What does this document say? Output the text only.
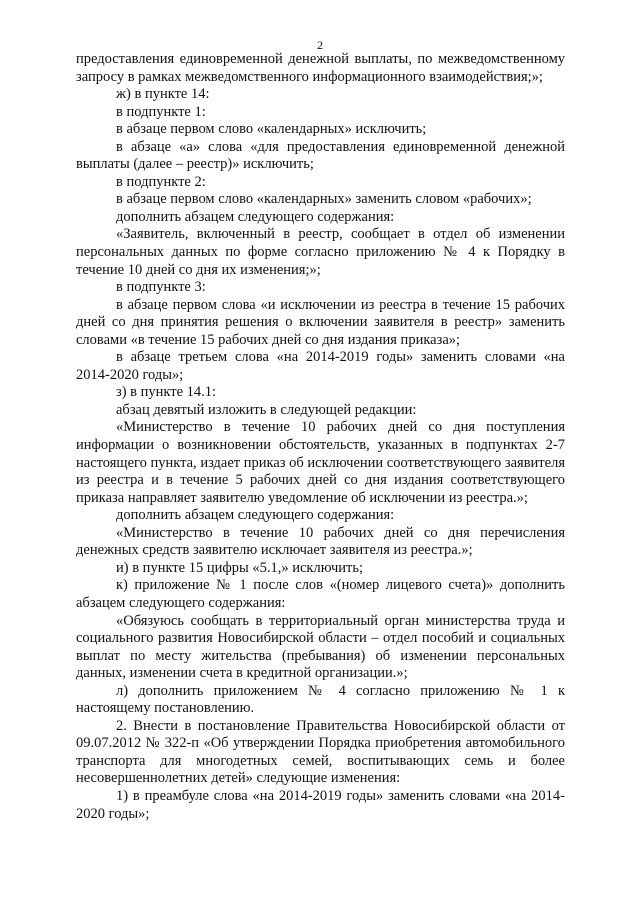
2

предоставления единовременной денежной выплаты, по межведомственному запросу в рамках межведомственного информационного взаимодействия;»;

ж) в пункте 14:

в подпункте 1:

в абзаце первом слово «календарных» исключить;

в абзаце «а» слова «для предоставления единовременной денежной выплаты (далее – реестр)» исключить;

в подпункте 2:

в абзаце первом слово «календарных» заменить словом «рабочих»;

дополнить абзацем следующего содержания:

«Заявитель, включенный в реестр, сообщает в отдел об изменении персональных данных по форме согласно приложению № 4 к Порядку в течение 10 дней со дня их изменения;»;

в подпункте 3:

в абзаце первом слова «и исключении из реестра в течение 15 рабочих дней со дня принятия решения о включении заявителя в реестр» заменить словами «в течение 15 рабочих дней со дня издания приказа»;

в абзаце третьем слова «на 2014-2019 годы» заменить словами «на 2014-2020 годы»;

з) в пункте 14.1:

абзац девятый изложить в следующей редакции:

«Министерство в течение 10 рабочих дней со дня поступления информации о возникновении обстоятельств, указанных в подпунктах 2-7 настоящего пункта, издает приказ об исключении соответствующего заявителя из реестра и в течение 5 рабочих дней со дня издания соответствующего приказа направляет заявителю уведомление об исключении из реестра.»;

дополнить абзацем следующего содержания:

«Министерство в течение 10 рабочих дней со дня перечисления денежных средств заявителю исключает заявителя из реестра.»;

и) в пункте 15 цифры «5.1,» исключить;

к) приложение № 1 после слов «(номер лицевого счета)» дополнить абзацем следующего содержания:

«Обязуюсь сообщать в территориальный орган министерства труда и социального развития Новосибирской области – отдел пособий и социальных выплат по месту жительства (пребывания) об изменении персональных данных, изменении счета в кредитной организации.»;

л) дополнить приложением № 4 согласно приложению № 1 к настоящему постановлению.

2. Внести в постановление Правительства Новосибирской области от 09.07.2012 № 322-п «Об утверждении Порядка приобретения автомобильного транспорта для многодетных семей, воспитывающих семь и более несовершеннолетних детей» следующие изменения:

1) в преамбуле слова «на 2014-2019 годы» заменить словами «на 2014-2020 годы»;
